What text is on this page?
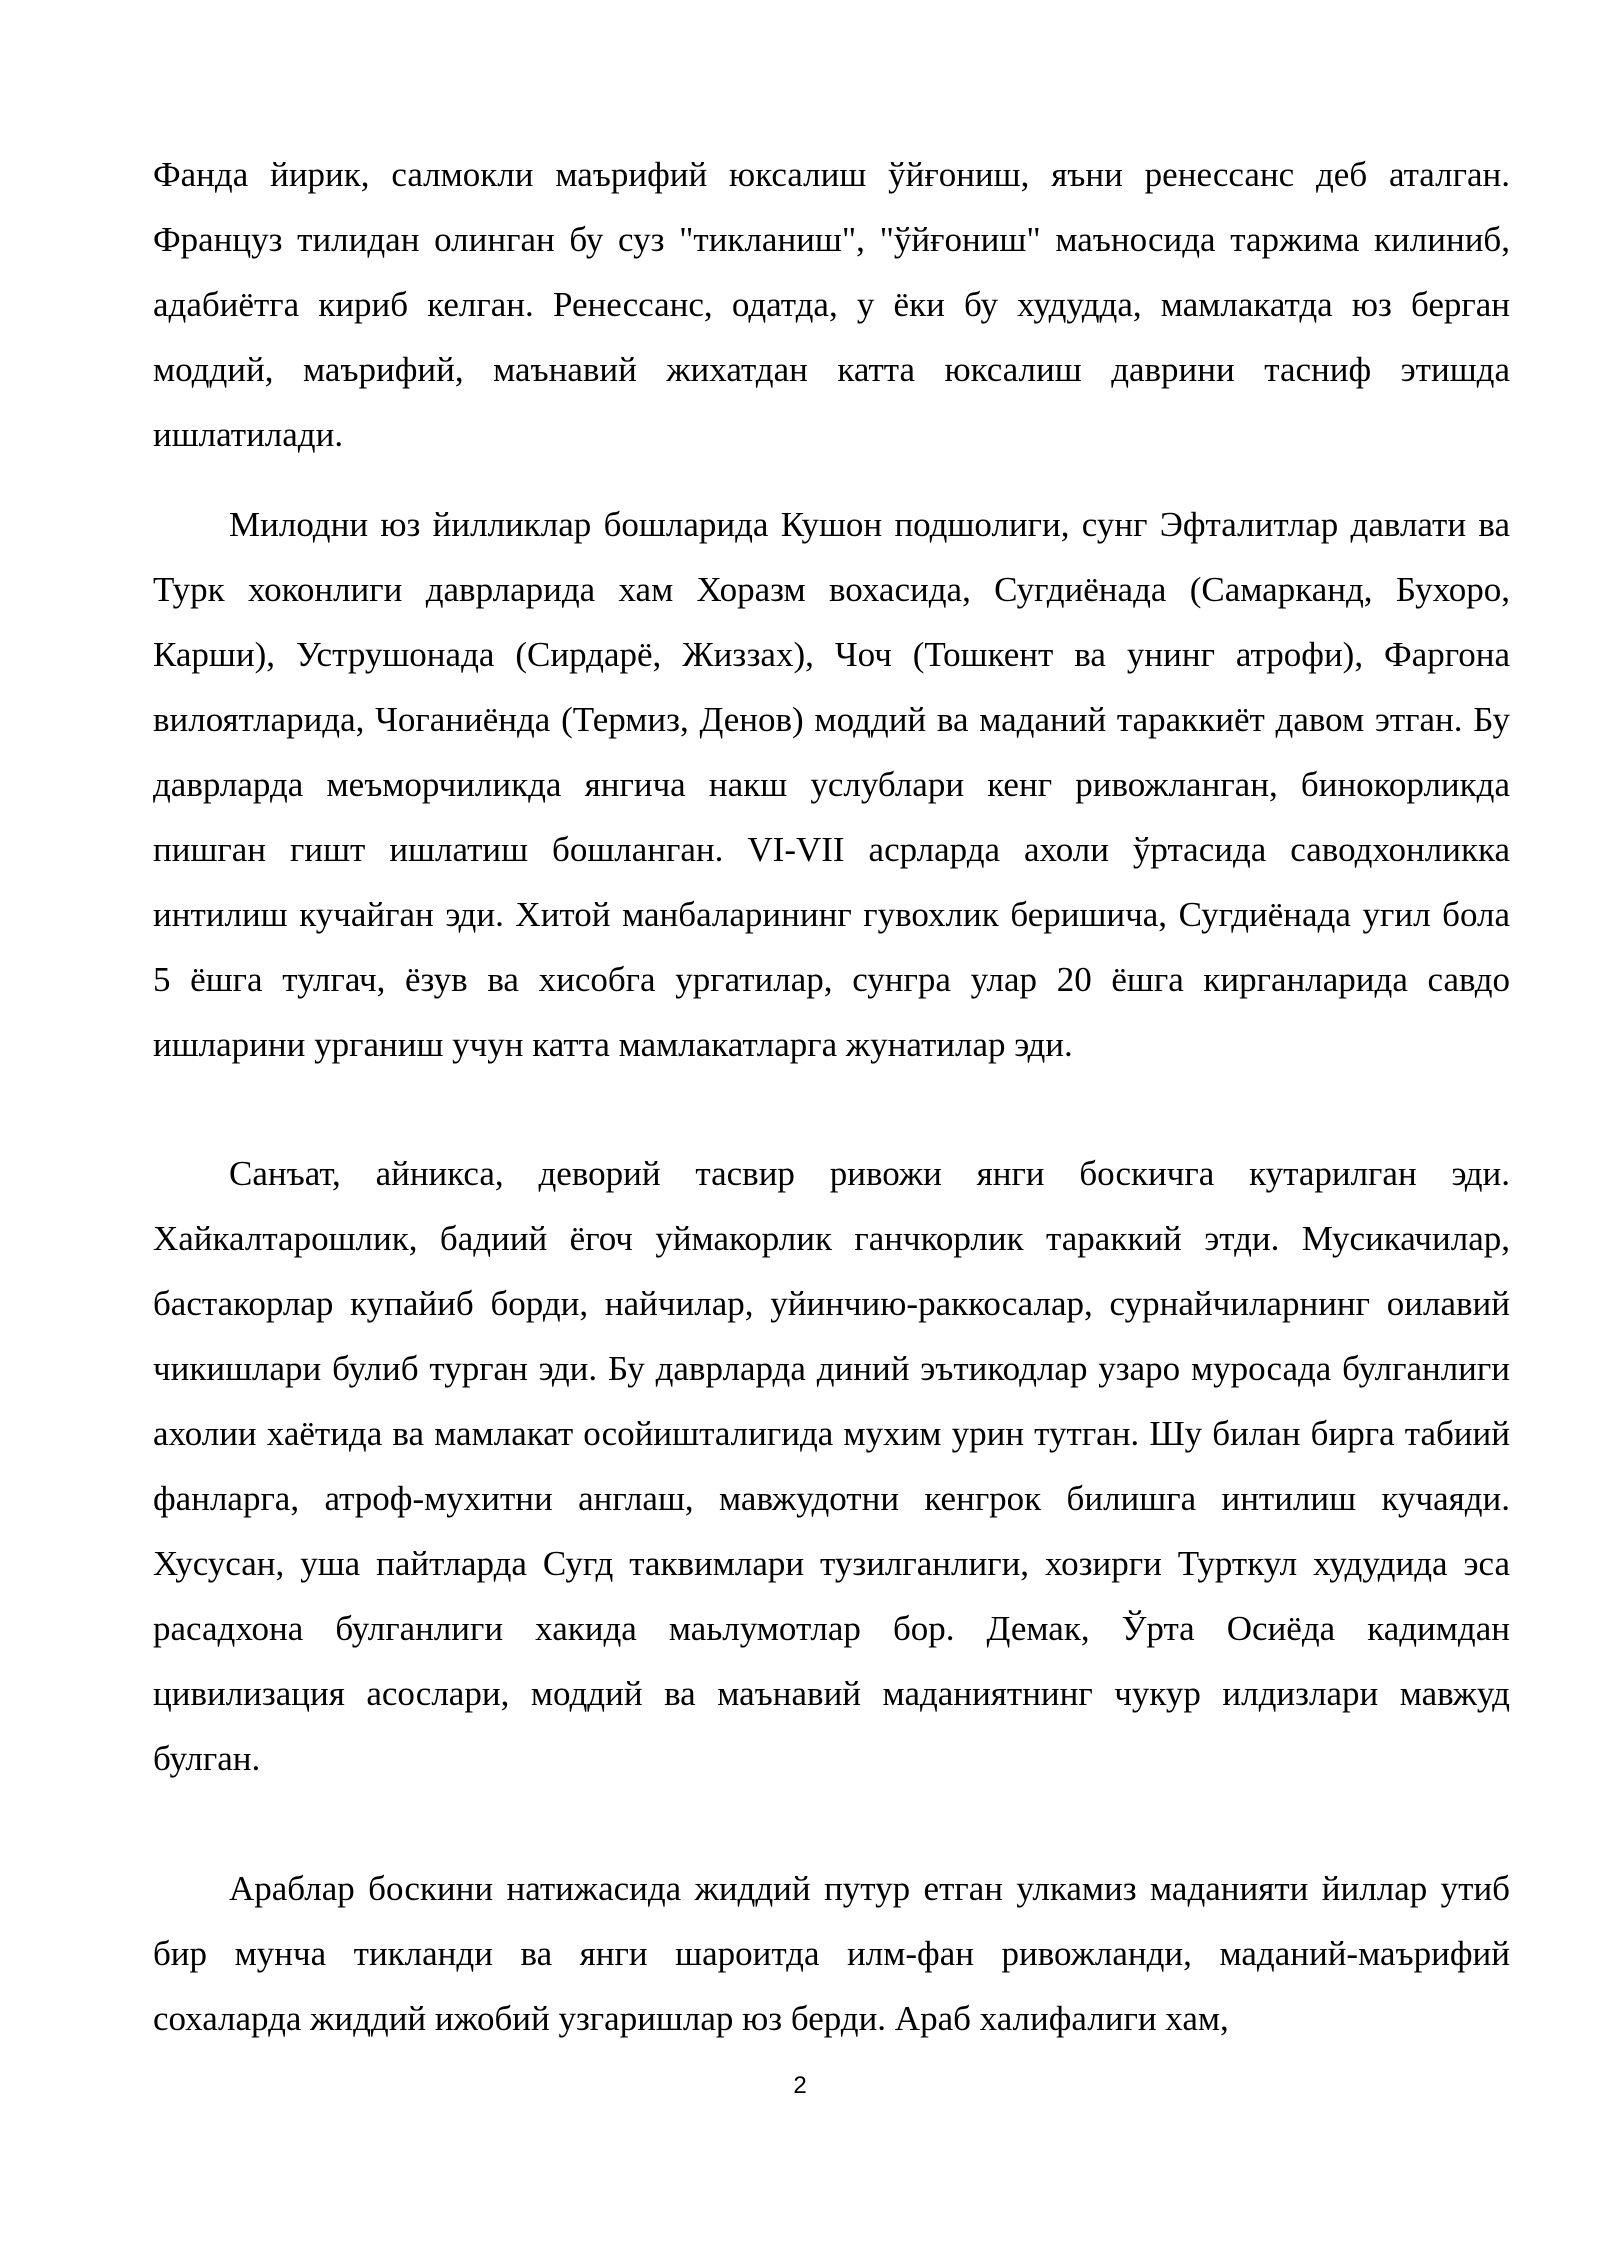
Фанда йирик, салмокли маърифий юксалиш ўйғониш, яъни ренессанс деб аталган. Француз тилидан олинган бу суз "тикланиш", "ўйғониш" маъносида таржима килиниб, адабиётга кириб келган. Ренессанс, одатда, у ёки бу худудда, мамлакатда юз берган моддий, маърифий, маънавий жихатдан катта юксалиш даврини тасниф этишда ишлатилади.

Милодни юз йилликлар бошларида Кушон подшолиги, сунг Эфталитлар давлати ва Турк хоконлиги даврларида хам Хоразм вохасида, Сугдиёнада (Самарканд, Бухоро, Карши), Уструшонада (Сирдарё, Жиззах), Чоч (Тошкент ва унинг атрофи), Фаргона вилоятларида, Чоганиёнда (Термиз, Денов) моддий ва маданий тараккиёт давом этган. Бу даврларда меъморчиликда янгича накш услублари кенг ривожланган, бинокорликда пишган гишт ишлатиш бошланган. VI-VII асрларда ахоли ўртасида саводхонликка интилиш кучайган эди. Хитой манбаларининг гувохлик беришича, Сугдиёнада угил бола 5 ёшга тулгач, ёзув ва хисобга ургатилар, сунгра улар 20 ёшга кирганларида савдо ишларини урганиш учун катта мамлакатларга жунатилар эди.

Санъат, айникса, деворий тасвир ривожи янги боскичга кутарилган эди. Хайкалтарошлик, бадиий ёгоч уймакорлик ганчкорлик тараккий этди. Мусикачилар, бастакорлар купайиб борди, найчилар, уйинчию-раккосалар, сурнайчиларнинг оилавий чикишлари булиб турган эди. Бу даврларда диний эътикодлар узаро муросада булганлиги ахолии хаётида ва мамлакат осойишталигида мухим урин тутган. Шу билан бирга табиий фанларга, атроф-мухитни англаш, мавжудотни кенгрок билишга интилиш кучаяди. Хусусан, уша пайтларда Сугд таквимлари тузилганлиги, хозирги Турткул худудида эса расадхона булганлиги хакида маьлумотлар бор. Демак, Ўрта Осиёда кадимдан цивилизация асослари, моддий ва маънавий маданиятнинг чукур илдизлари мавжуд булган.

Араблар боскини натижасида жиддий путур етган улкамиз маданияти йиллар утиб бир мунча тикланди ва янги шароитда илм-фан ривожланди, маданий-маърифий сохаларда жиддий ижобий узгаришлар юз берди. Араб халифалиги хам,

2
